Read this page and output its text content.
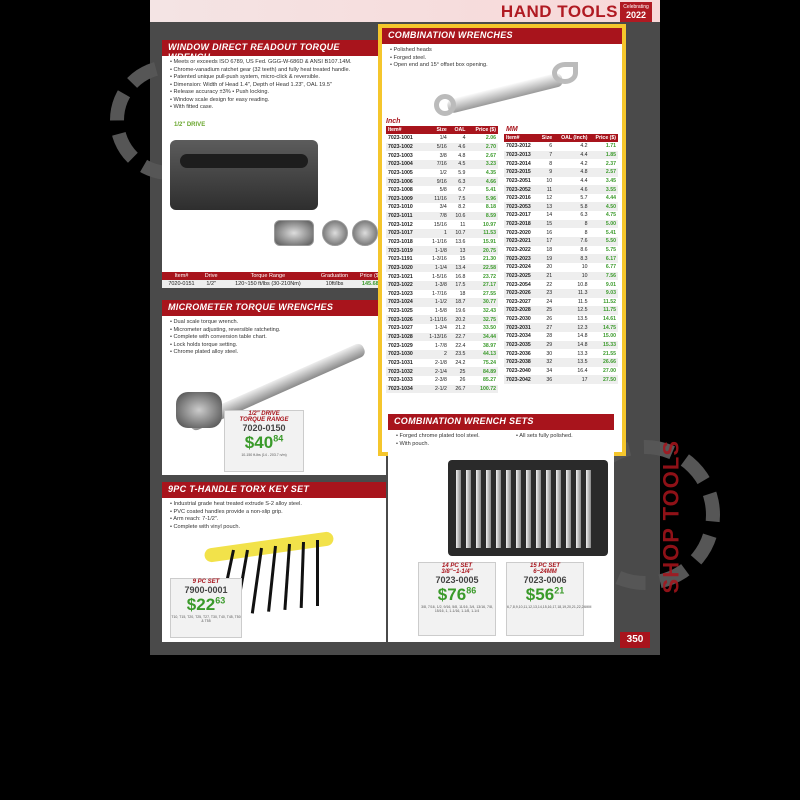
HAND TOOLS	Celebrating
2022
WINDOW DIRECT READOUT TORQUE WRENCH
• Meets or exceeds ISO 6789, US Fed. GGG-W-686D & ANSI B107.14M.
• Chrome-vanadium ratchet gear (32 teeth) and fully heat treated handle.
• Patented unique pull-push system, micro-click & reversible.
• Dimension: Width of Head 1.4", Depth of Head 1.23", OAL 19.5"
• Release accuracy ±3% • Push locking.
• Window scale design for easy reading.
• With fitted case.
1/2" DRIVE
Item#	Drive	Torque Range	Graduation	Price ($)
7020-0151	1/2"	120~150 ft/lbs (30-210Nm)	10ft/lbs	145.68
MICROMETER TORQUE WRENCHES
• Dual scale torque wrench.
• Micrometer adjusting, reversible ratcheting.
• Complete with conversion table chart.
• Lock holds torque setting.
• Chrome plated alloy steel.
1/2" DRIVE
TORQUE RANGE
7020-0150
$\$40^{84}$
10-150 ft-lbs (14 - 203.7 n/m)
9PC T-HANDLE TORX KEY SET
• Industrial grade heat treated extrude S-2 alloy steel.
• PVC coated handles provide a non-slip grip.
• Arm reach: 7-1/2".
• Complete with vinyl pouch.
9 PC SET
7900-0001
$\$22^{63}$
T10, T15, T20, T25, T27, T30, T40, T45, T50 & T55
COMBINATION WRENCHES
• Polished heads
• Forged steel.
• Open end and 15° offset box opening.
Inch
MM
Item#	Size	OAL	Price ($)
7023-1001	1/4	4	2.06
7023-1002	5/16	4.6	2.70
7023-1003	3/8	4.8	2.67
7023-1004	7/16	4.5	3.23
7023-1005	1/2	5.9	4.35
7023-1006	9/16	6.3	4.66
7023-1008	5/8	6.7	5.41
7023-1009	11/16	7.5	5.96
7023-1010	3/4	8.2	8.18
7023-1011	7/8	10.6	8.59
7023-1012	15/16	11	10.97
7023-1017	1	10.7	11.53
7023-1018	1-1/16	13.6	15.91
7023-1019	1-1/8	13	20.75
7023-1191	1-3/16	15	21.30
7023-1020	1-1/4	13.4	22.58
7023-1021	1-5/16	16.8	23.72
7023-1022	1-3/8	17.5	27.17
7023-1023	1-7/16	18	27.55
7023-1024	1-1/2	18.7	30.77
7023-1025	1-5/8	19.6	32.43
7023-1026	1-11/16	20.2	32.75
7023-1027	1-3/4	21.2	33.50
7023-1028	1-13/16	22.7	34.44
7023-1029	1-7/8	22.4	38.97
7023-1030	2	23.5	44.13
7023-1031	2-1/8	24.2	75.24
7023-1032	2-1/4	25	84.89
7023-1033	2-3/8	26	85.27
7023-1034	2-1/2	26.7	100.72
Item#	Size	OAL (Inch)	Price ($)
7023-2012	6	4.2	1.71
7023-2013	7	4.4	1.85
7023-2014	8	4.2	2.37
7023-2015	9	4.8	2.57
7023-2051	10	4.4	3.45
7023-2052	11	4.6	3.55
7023-2016	12	5.7	4.44
7023-2053	13	5.8	4.50
7023-2017	14	6.3	4.75
7023-2018	15	8	5.00
7023-2020	16	8	5.41
7023-2021	17	7.6	5.50
7023-2022	18	8.6	5.75
7023-2023	19	8.3	6.17
7023-2024	20	10	6.77
7023-2025	21	10	7.56
7023-2054	22	10.8	9.01
7023-2026	23	11.3	9.03
7023-2027	24	11.5	11.52
7023-2028	25	12.5	11.75
7023-2030	26	13.5	14.61
7023-2031	27	12.3	14.75
7023-2034	28	14.8	15.00
7023-2035	29	14.8	15.33
7023-2036	30	13.3	21.55
7023-2038	32	13.5	26.66
7023-2040	34	16.4	27.00
7023-2042	36	17	27.50
COMBINATION WRENCH SETS
• Forged chrome plated tool steel.
• With pouch.
• All sets fully polished.
14 PC SET
3/8"~1-1/4"
7023-0005
$\$76^{86}$
3/8, 7/16, 1/2, 9/16, 5/8, 11/16, 3/4, 13/16, 7/8, 15/16, 1, 1-1/16, 1-1/8, 1-1/4
15 PC SET
6~24MM
7023-0006
$\$56^{21}$
6,7,8,9,10,11,12,13,14,15,16,17,18,19,20,21,22,24MM
SHOP TOOLS
350
